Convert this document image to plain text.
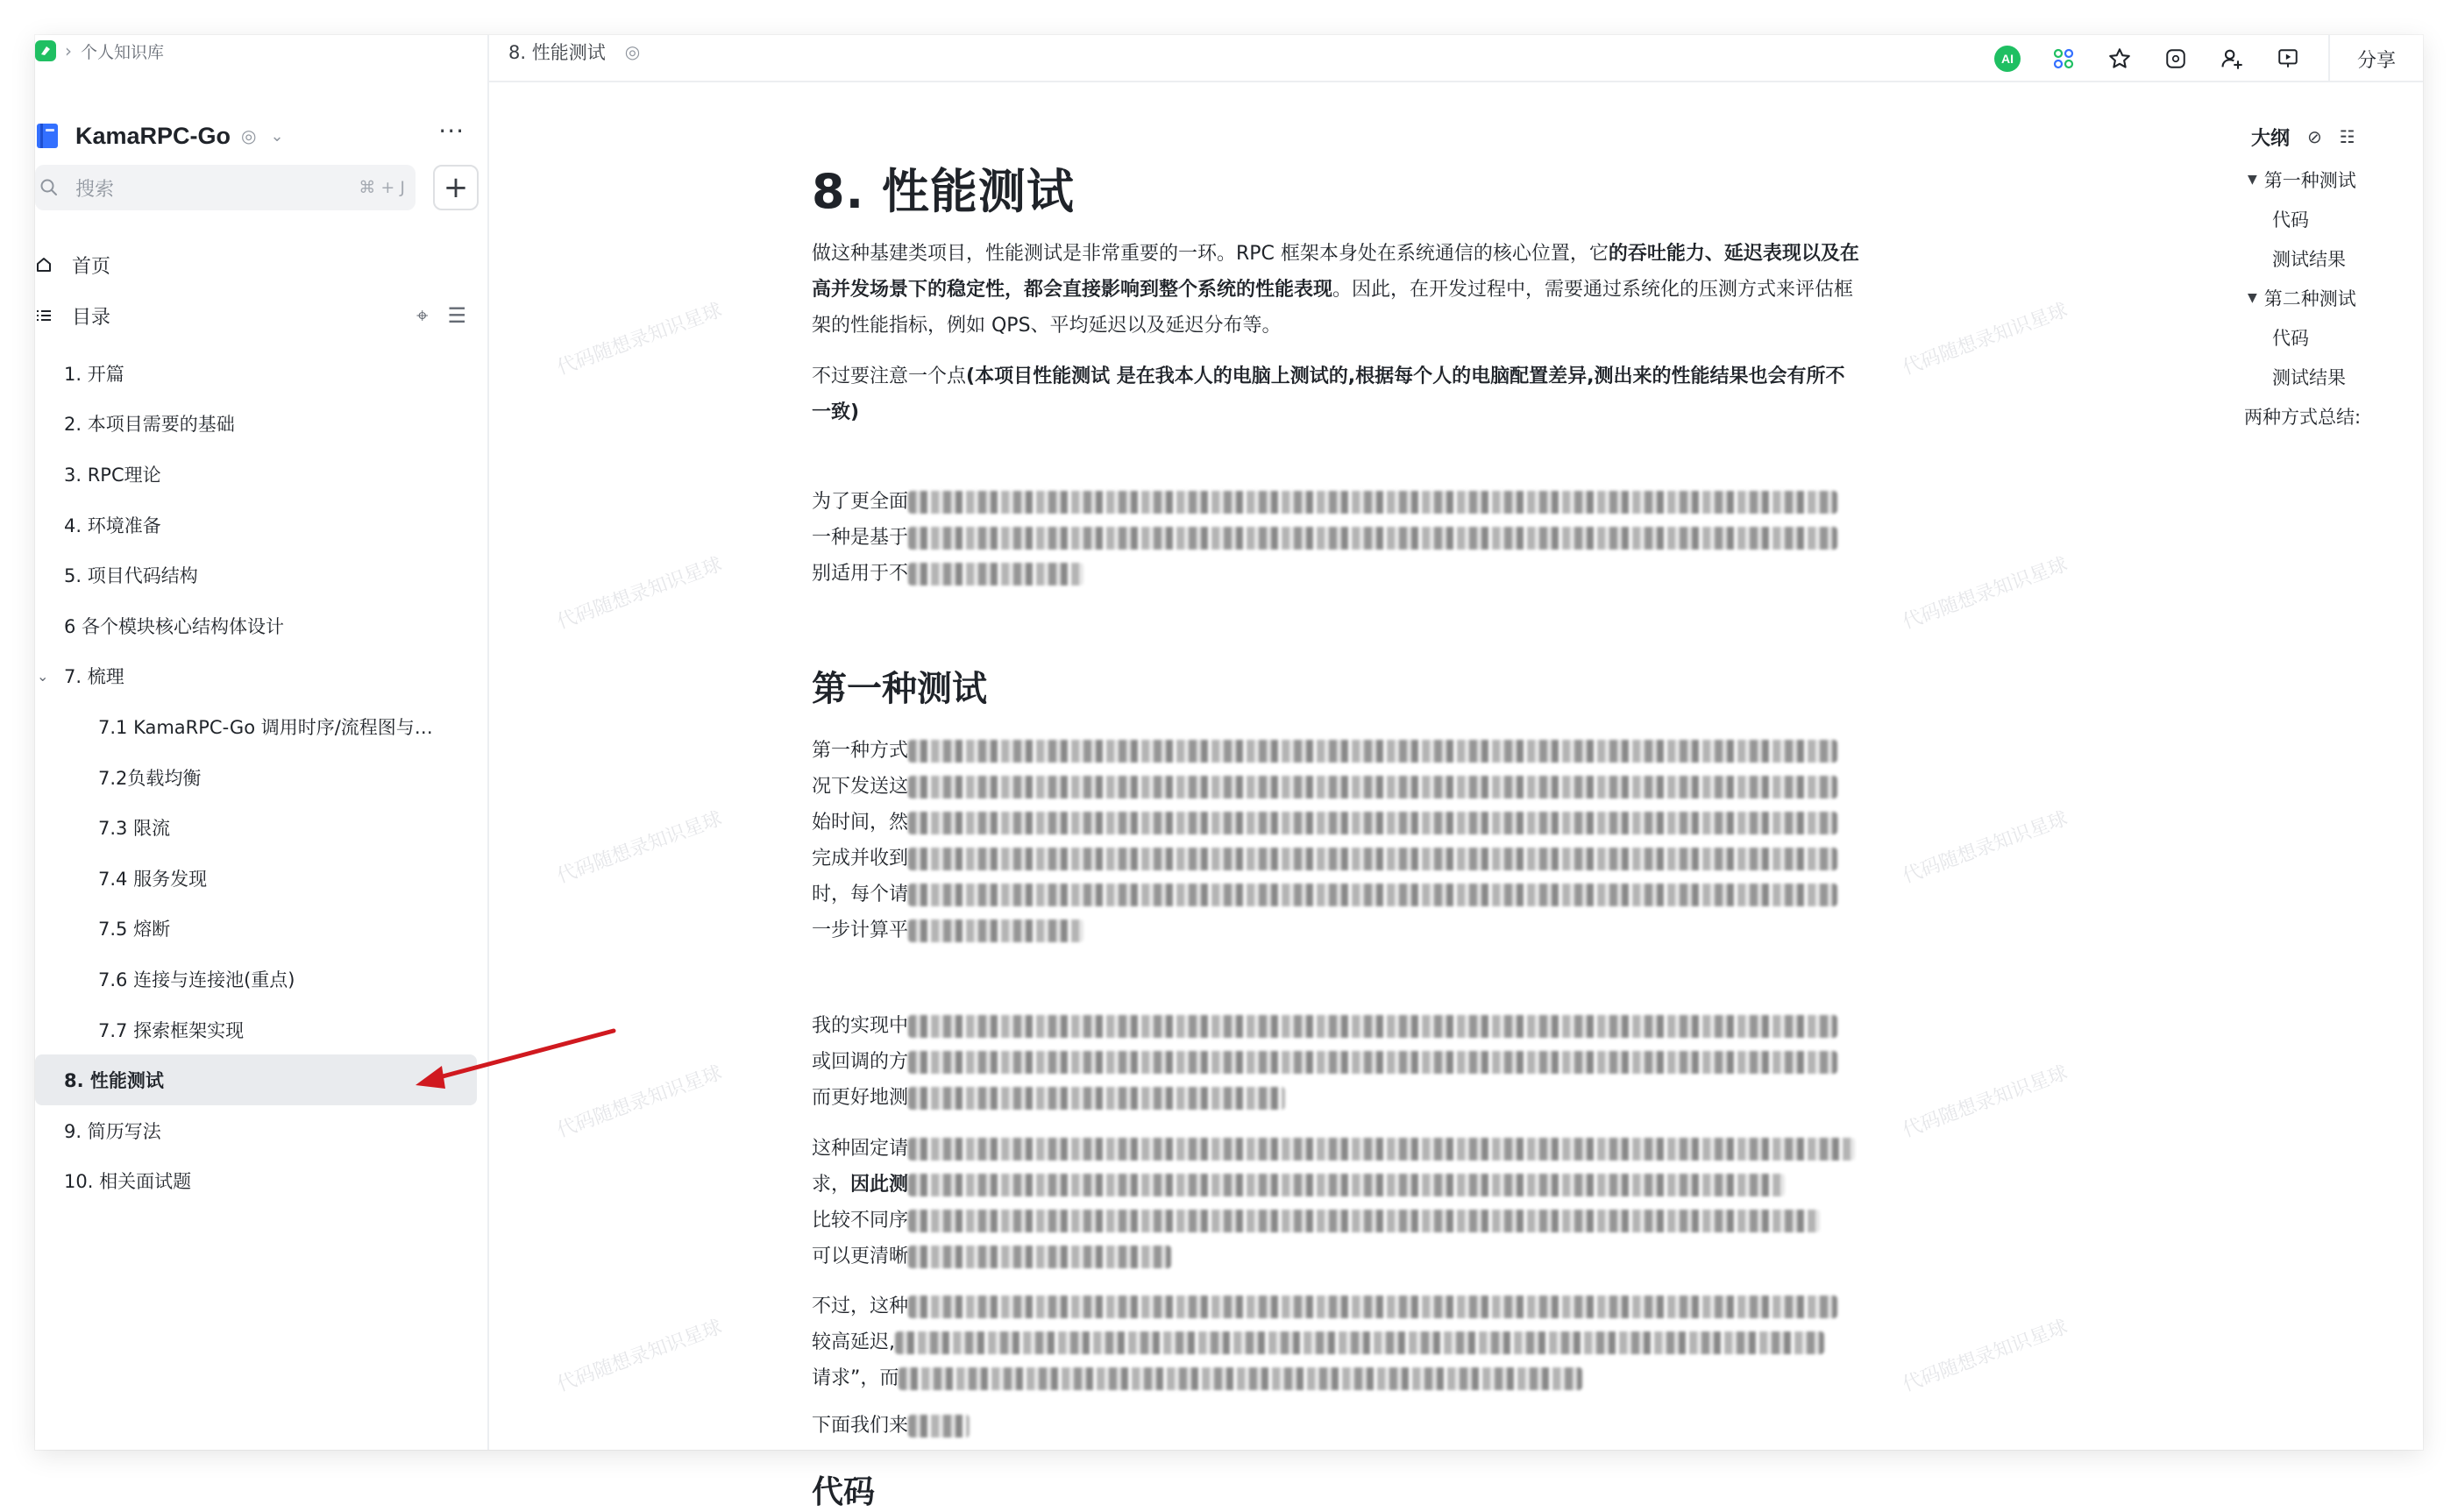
› 个人知识库
KamaRPC-Go ◎ ⌄	···
搜索	⌘ + J	+
首页
目录	⌖ ☰
1. 开篇
2. 本项目需要的基础
3. RPC理论
4. 环境准备
5. 项目代码结构
6 各个模块核心结构体设计
⌄ 7. 梳理
7.1 KamaRPC-Go 调用时序/流程图与…
7.2负载均衡
7.3 限流
7.4 服务发现
7.5 熔断
7.6 连接与连接池(重点)
7.7 探索框架实现
8. 性能测试
9. 简历写法
10. 相关面试题
8. 性能测试 ◎	AI	分享
8. 性能测试
做这种基建类项目，性能测试是非常重要的一环。RPC 框架本身处在系统通信的核心位置，它的吞吐能力、延迟表现以及在高并发场景下的稳定性，都会直接影响到整个系统的性能表现。因此，在开发过程中，需要通过系统化的压测方式来评估框架的性能指标，例如 QPS、平均延迟以及延迟分布等。
不过要注意一个点(本项目性能测试 是在我本人的电脑上测试的,根据每个人的电脑配置差异,测出来的性能结果也会有所不一致)
为了更全面
一种是基于
别适用于不
第一种测试
第一种方式
况下发送这
始时间，然
完成并收到
时，每个请
一步计算平
我的实现中
或回调的方
而更好地测
这种固定请
求，因此测
比较不同序
可以更清晰
不过，这种
较高延迟,
请求”，而
下面我们来
代码
代码随想录知识星球
代码随想录知识星球
代码随想录知识星球
代码随想录知识星球
代码随想录知识星球
代码随想录知识星球
代码随想录知识星球
代码随想录知识星球
代码随想录知识星球
代码随想录知识星球
大纲 ⊘ ☷
▼ 第一种测试
代码
测试结果
▼ 第二种测试
代码
测试结果
两种方式总结:
